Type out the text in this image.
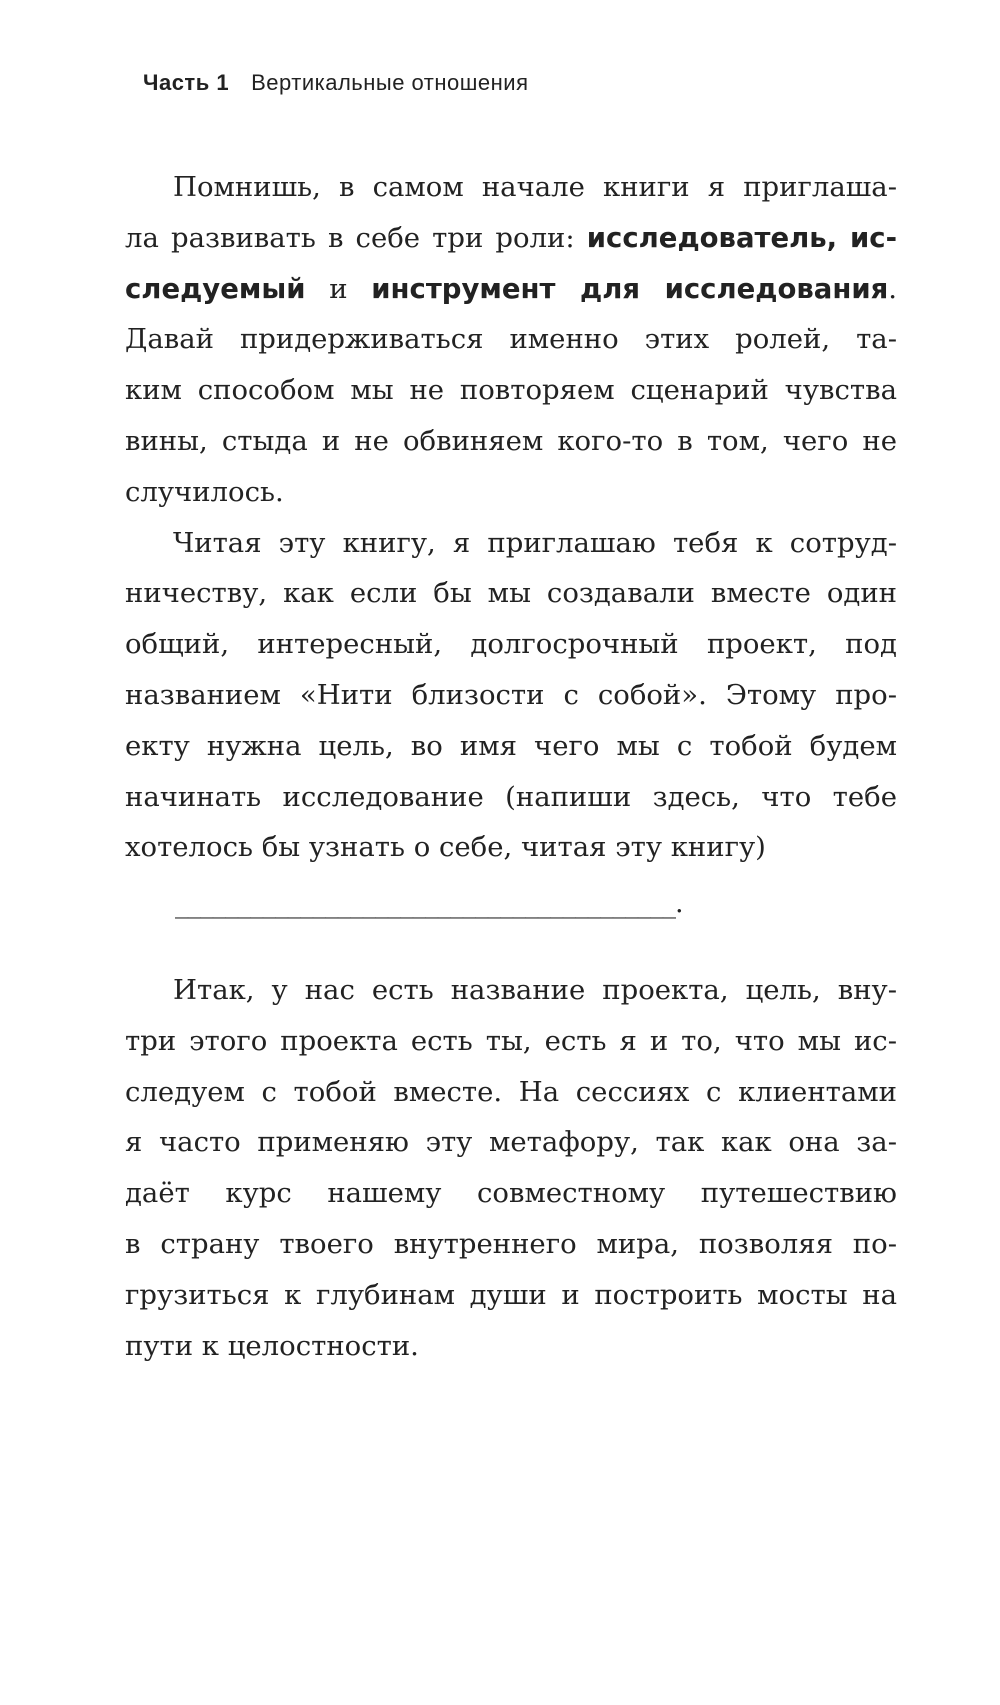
Часть 1 Вертикальные отношения
Помнишь, в самом начале книги я приглаша-
ла развивать в себе три роли: исследователь, ис-
следуемый и инструмент для исследования.
Давай придерживаться именно этих ролей, та-
ким способом мы не повторяем сценарий чувства
вины, стыда и не обвиняем кого-то в том, чего не
случилось.
Читая эту книгу, я приглашаю тебя к сотруд-
ничеству, как если бы мы создавали вместе один
общий, интересный, долгосрочный проект, под
названием «Нити близости с собой». Этому про-
екту нужна цель, во имя чего мы с тобой будем
начинать исследование (напиши здесь, что тебе
хотелось бы узнать о себе, читая эту книгу)
________________________________________.
Итак, у нас есть название проекта, цель, вну-
три этого проекта есть ты, есть я и то, что мы ис-
следуем с тобой вместе. На сессиях с клиентами
я часто применяю эту метафору, так как она за-
даёт курс нашему совместному путешествию
в страну твоего внутреннего мира, позволяя по-
грузиться к глубинам души и построить мосты на
пути к целостности.
